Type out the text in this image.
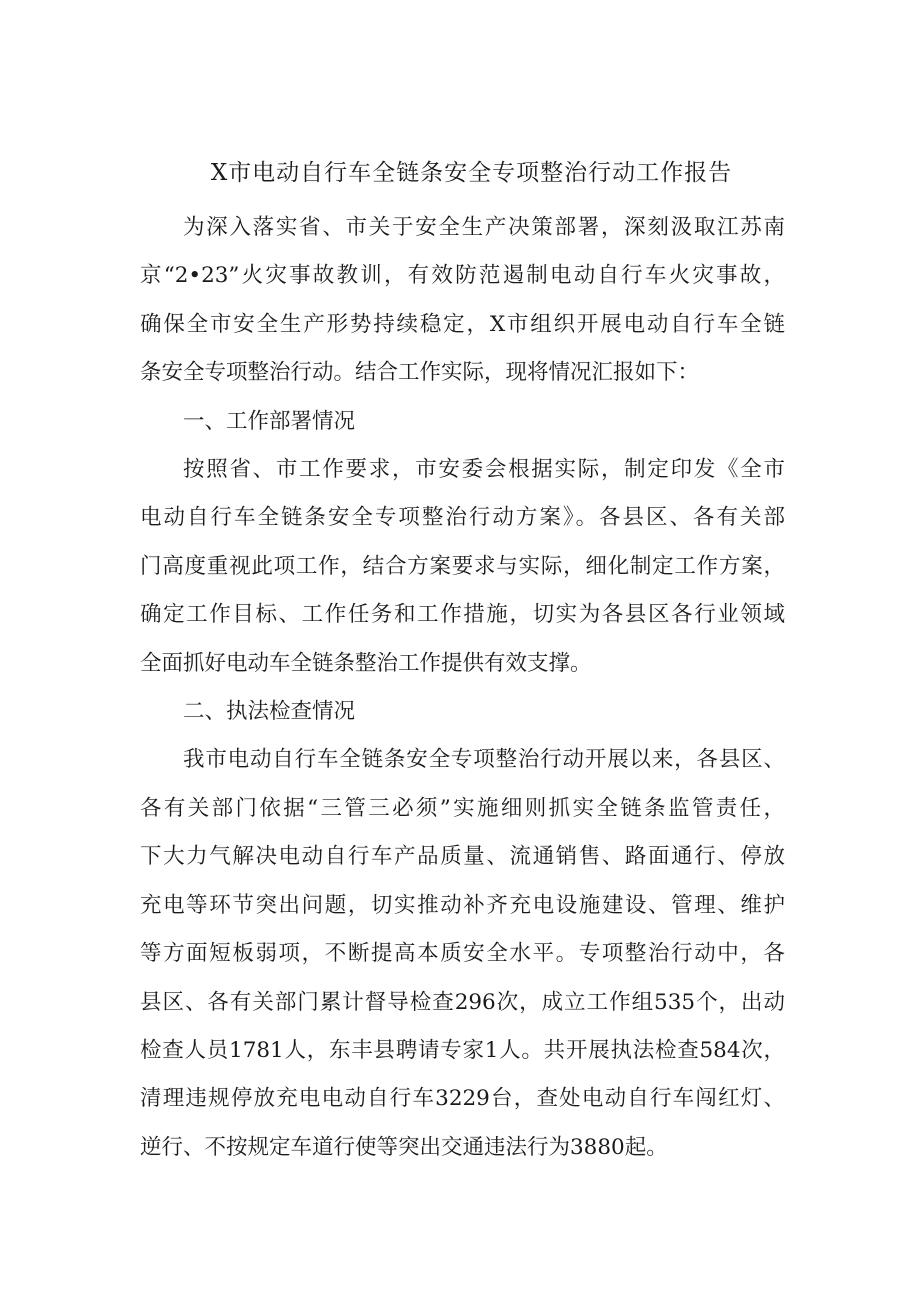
X市电动自行车全链条安全专项整治行动工作报告
为深入落实省、市关于安全生产决策部署，深刻汲取江苏南
京“2•23”火灾事故教训，有效防范遏制电动自行车火灾事故，
确保全市安全生产形势持续稳定，X市组织开展电动自行车全链
条安全专项整治行动。结合工作实际，现将情况汇报如下：
一、工作部署情况
按照省、市工作要求，市安委会根据实际，制定印发《全市
电动自行车全链条安全专项整治行动方案》。各县区、各有关部
门高度重视此项工作，结合方案要求与实际，细化制定工作方案，
确定工作目标、工作任务和工作措施，切实为各县区各行业领域
全面抓好电动车全链条整治工作提供有效支撑。
二、执法检查情况
我市电动自行车全链条安全专项整治行动开展以来，各县区、
各有关部门依据“三管三必须”实施细则抓实全链条监管责任，
下大力气解决电动自行车产品质量、流通销售、路面通行、停放
充电等环节突出问题，切实推动补齐充电设施建设、管理、维护
等方面短板弱项，不断提高本质安全水平。专项整治行动中，各
县区、各有关部门累计督导检查296次，成立工作组535个，出动
检查人员1781人，东丰县聘请专家1人。共开展执法检查584次，
清理违规停放充电电动自行车3229台，查处电动自行车闯红灯、
逆行、不按规定车道行使等突出交通违法行为3880起。
